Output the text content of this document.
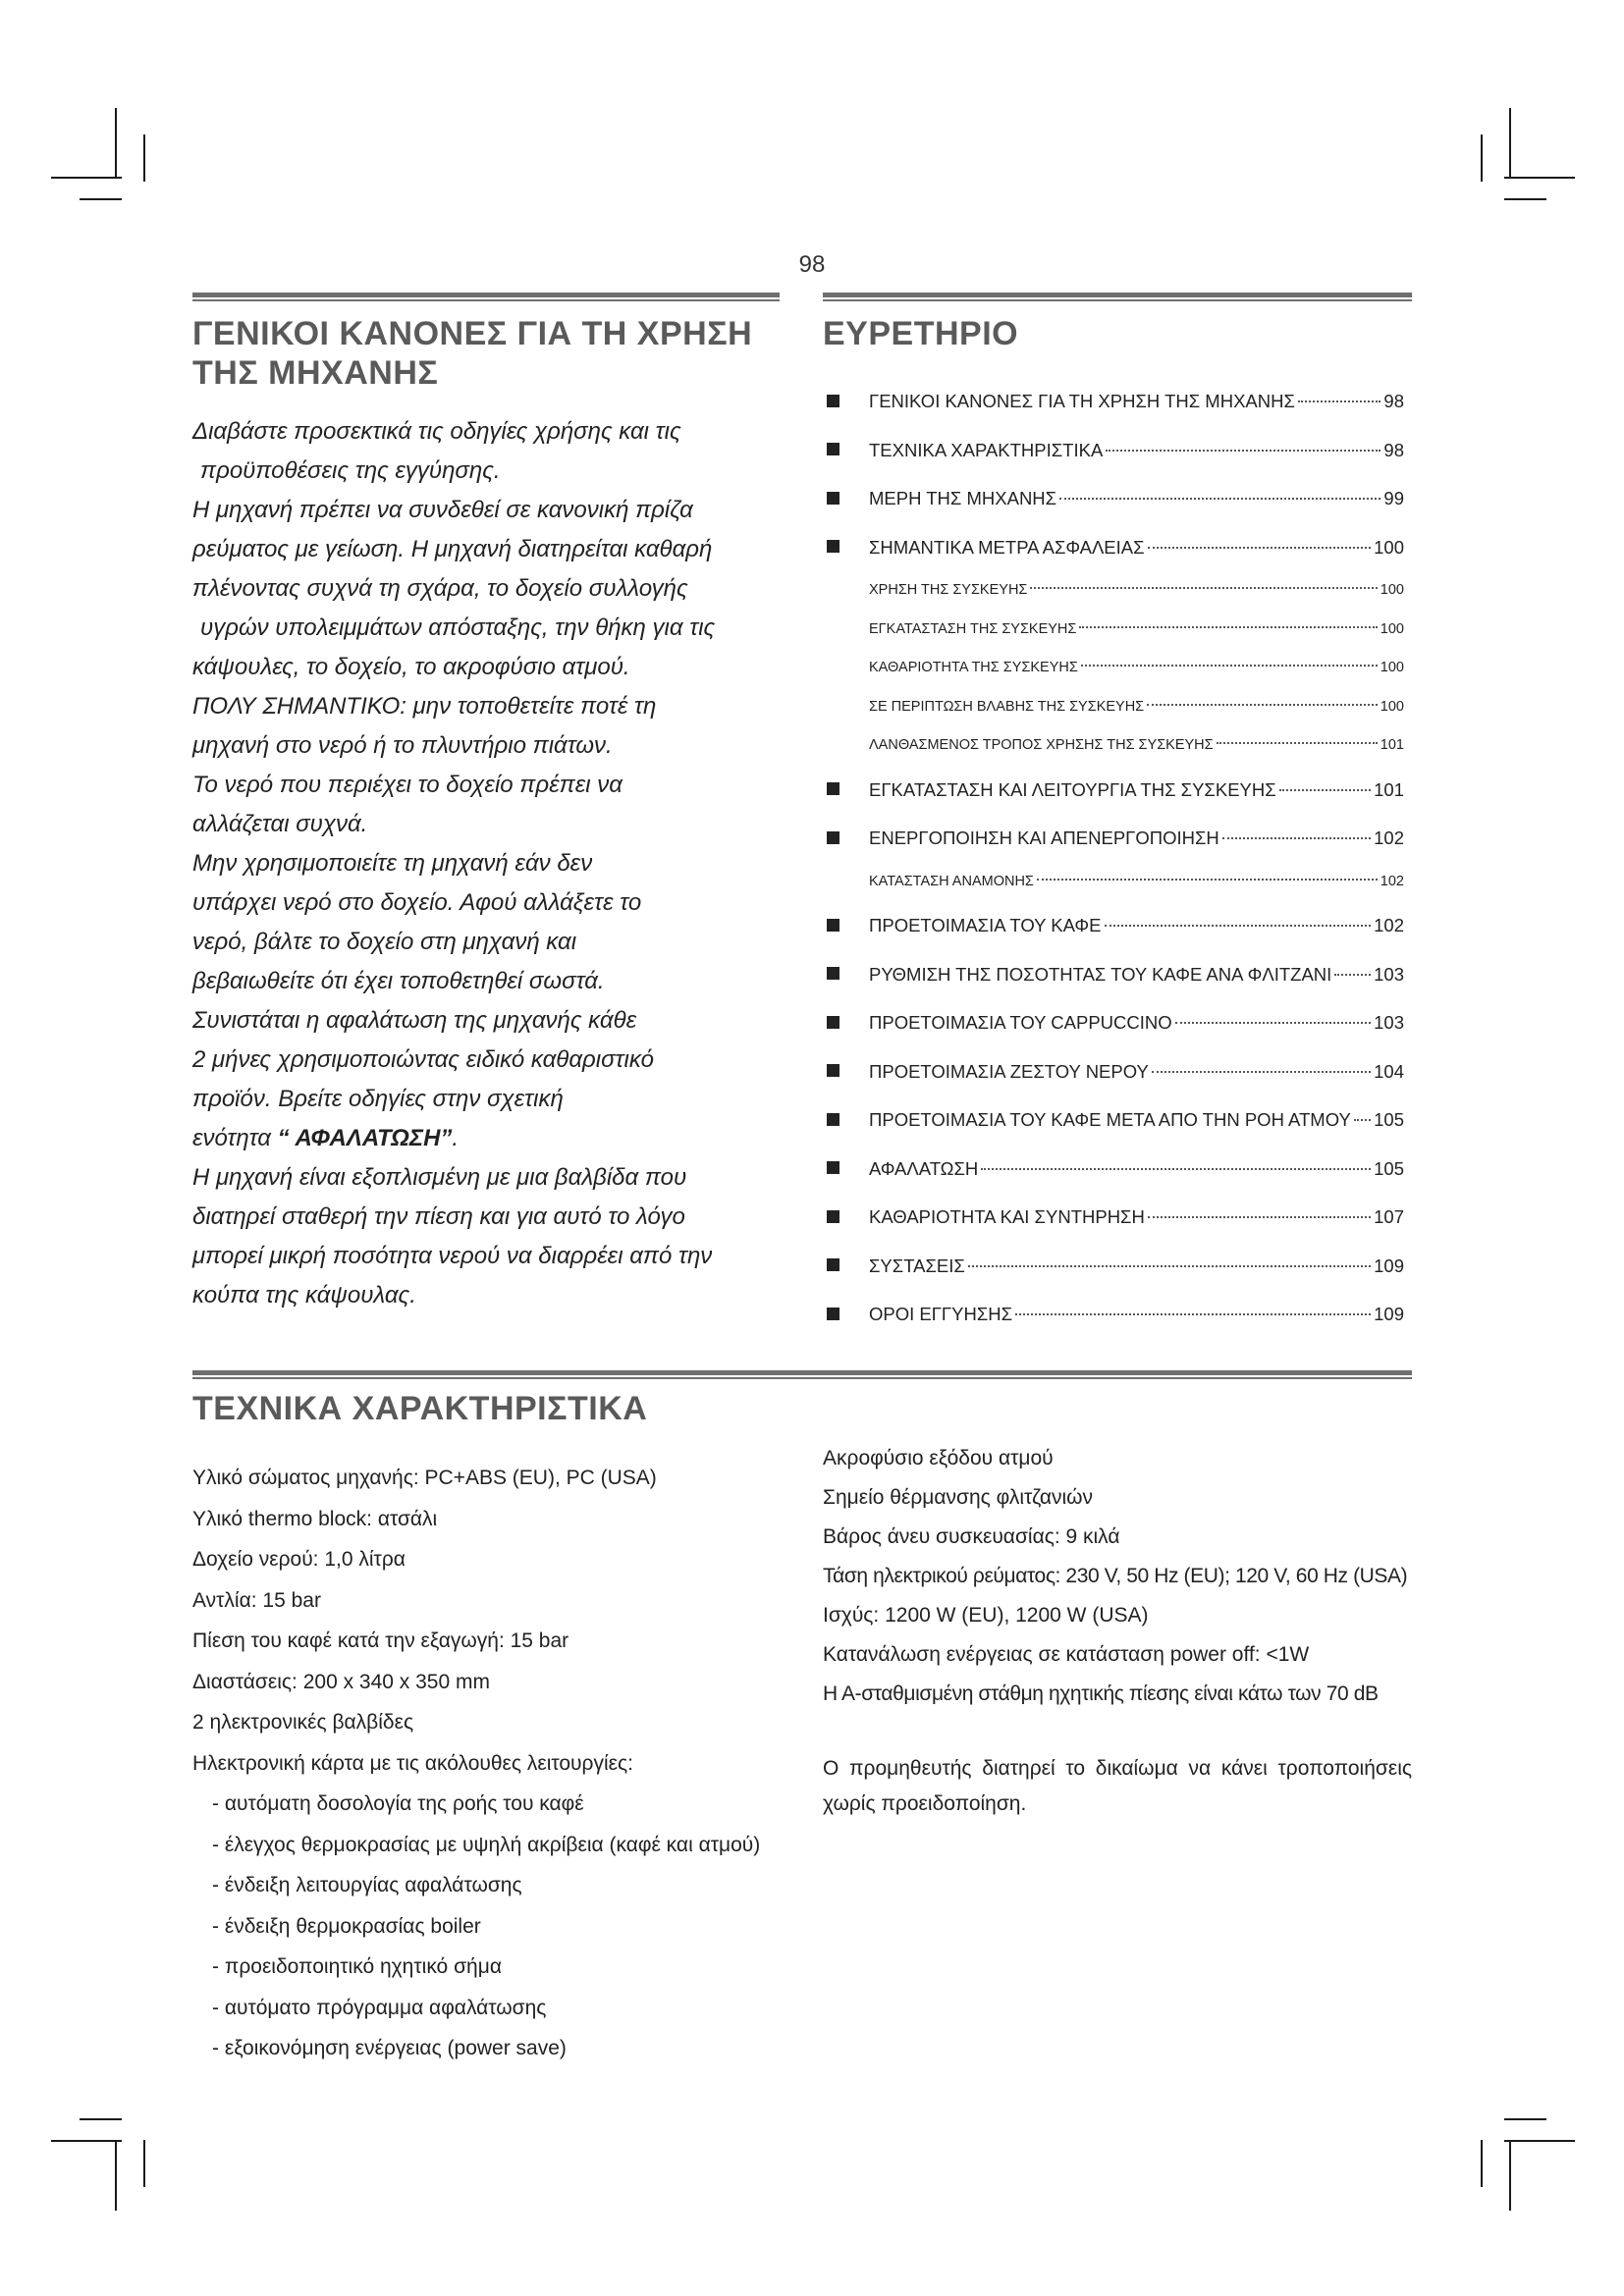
98
ΓΕΝΙΚΟΙ ΚΑΝΟΝΕΣ ΓΙΑ ΤΗ ΧΡΗΣΗ
ΤΗΣ ΜΗΧΑΝΗΣ

Διαβάστε προσεκτικά τις οδηγίες χρήσης και τις

προϋποθέσεις της εγγύησης.

Η μηχανή πρέπει να συνδεθεί σε κανονική πρίζα

ρεύματος με γείωση. Η μηχανή διατηρείται καθαρή

πλένοντας συχνά τη σχάρα, το δοχείο συλλογής

υγρών υπολειμμάτων απόσταξης, την θήκη για τις

κάψουλες, το δοχείο, το ακροφύσιο ατμού.

ΠΟΛΥ ΣΗΜΑΝΤΙΚΟ: μην τοποθετείτε ποτέ τη

μηχανή στο νερό ή το πλυντήριο πιάτων.

Το νερό που περιέχει το δοχείο πρέπει να

αλλάζεται συχνά.

Μην χρησιμοποιείτε τη μηχανή εάν δεν

υπάρχει νερό στο δοχείο. Αφού αλλάξετε το

νερό, βάλτε το δοχείο στη μηχανή και

βεβαιωθείτε ότι έχει τοποθετηθεί σωστά.

Συνιστάται η αφαλάτωση της μηχανής κάθε

2 μήνες χρησιμοποιώντας ειδικό καθαριστικό

προϊόν. Βρείτε οδηγίες στην σχετική

ενότητα “ ΑΦΑΛΑΤΩΣΗ”.

Η μηχανή είναι εξοπλισμένη με μια βαλβίδα που

διατηρεί σταθερή την πίεση και για αυτό το λόγο

μπορεί μικρή ποσότητα νερού να διαρρέει από την

κούπα της κάψουλας.

ΕΥΡΕΤΗΡΙΟ
ΓΕΝΙΚΟΙ ΚΑΝΟΝΕΣ ΓΙΑ ΤΗ ΧΡΗΣΗ ΤΗΣ ΜΗΧΑΝΗΣ	98
ΤΕΧΝΙΚΑ ΧΑΡΑΚΤΗΡΙΣΤΙΚΑ	98
ΜΕΡΗ ΤΗΣ ΜΗΧΑΝΗΣ	99
ΣΗΜΑΝΤΙΚΑ ΜΕΤΡΑ ΑΣΦΑΛΕΙΑΣ	100
ΧΡΗΣΗ ΤΗΣ ΣΥΣΚΕΥΗΣ	100
ΕΓΚΑΤΑΣΤΑΣΗ ΤΗΣ ΣΥΣΚΕΥΗΣ	100
ΚΑΘΑΡΙΟΤΗΤΑ ΤΗΣ ΣΥΣΚΕΥΗΣ	100
ΣΕ ΠΕΡΙΠΤΩΣΗ ΒΛΑΒΗΣ ΤΗΣ ΣΥΣΚΕΥΗΣ	100
ΛΑΝΘΑΣΜΕΝΟΣ ΤΡΟΠΟΣ ΧΡΗΣΗΣ ΤΗΣ ΣΥΣΚΕΥΗΣ	101
ΕΓΚΑΤΑΣΤΑΣΗ ΚΑΙ ΛΕΙΤΟΥΡΓΙΑ ΤΗΣ ΣΥΣΚΕΥΗΣ	101
ΕΝΕΡΓΟΠΟΙΗΣΗ ΚΑΙ ΑΠΕΝΕΡΓΟΠΟΙΗΣΗ	102
ΚΑΤΑΣΤΑΣΗ ΑΝΑΜΟΝΗΣ	102
ΠΡΟΕΤΟΙΜΑΣΙΑ ΤΟΥ ΚΑΦΕ	102
ΡΥΘΜΙΣΗ ΤΗΣ ΠΟΣΟΤΗΤΑΣ ΤΟΥ ΚΑΦΕ ΑΝΑ ΦΛΙΤΖΑΝΙ 103
ΠΡΟΕΤΟΙΜΑΣΙΑ ΤΟΥ CAPPUCCINO	103
ΠΡΟΕΤΟΙΜΑΣΙΑ ΖΕΣΤΟΥ ΝΕΡΟΥ	104
ΠΡΟΕΤΟΙΜΑΣΙΑ ΤΟΥ ΚΑΦΕ ΜΕΤΑ ΑΠΟ ΤΗΝ ΡΟΗ ΑΤΜΟΥ 105
ΑΦΑΛΑΤΩΣΗ	105
ΚΑΘΑΡΙΟΤΗΤΑ ΚΑΙ ΣΥΝΤΗΡΗΣΗ	107
ΣΥΣΤΑΣΕΙΣ	109
ΟΡΟΙ ΕΓΓΥΗΣΗΣ	109
ΤΕΧΝΙΚΑ ΧΑΡΑΚΤΗΡΙΣΤΙΚΑ
Υλικό σώματος μηχανής: PC+ABS (EU), PC (USA)
Υλικό thermo block: ατσάλι
Δοχείο νερού: 1,0 λίτρα
Αντλία: 15 bar
Πίεση του καφέ κατά την εξαγωγή: 15 bar
Διαστάσεις: 200 x 340 x 350 mm
2 ηλεκτρονικές βαλβίδες
Ηλεκτρονική κάρτα με τις ακόλουθες λειτουργίες:
- αυτόματη δοσολογία της ροής του καφέ
- έλεγχος θερμοκρασίας με υψηλή ακρίβεια (καφέ και ατμού)
- ένδειξη λειτουργίας αφαλάτωσης
- ένδειξη θερμοκρασίας boiler
- προειδοποιητικό ηχητικό σήμα
- αυτόματο πρόγραμμα αφαλάτωσης
- εξοικονόμηση ενέργειας (power save)
Ακροφύσιο εξόδου ατμού
Σημείο θέρμανσης φλιτζανιών
Βάρος άνευ συσκευασίας: 9 κιλά
Τάση ηλεκτρικού ρεύματος: 230 V, 50 Hz (EU); 120 V, 60 Hz (USA)
Ισχύς: 1200 W (EU), 1200 W (USA)
Κατανάλωση ενέργειας σε κατάσταση power off: <1W
Η Α-σταθμισμένη στάθμη ηχητικής πίεσης είναι κάτω των 70 dB

Ο προμηθευτής διατηρεί το δικαίωμα να κάνει τροποποιήσεις χωρίς προειδοποίηση.
